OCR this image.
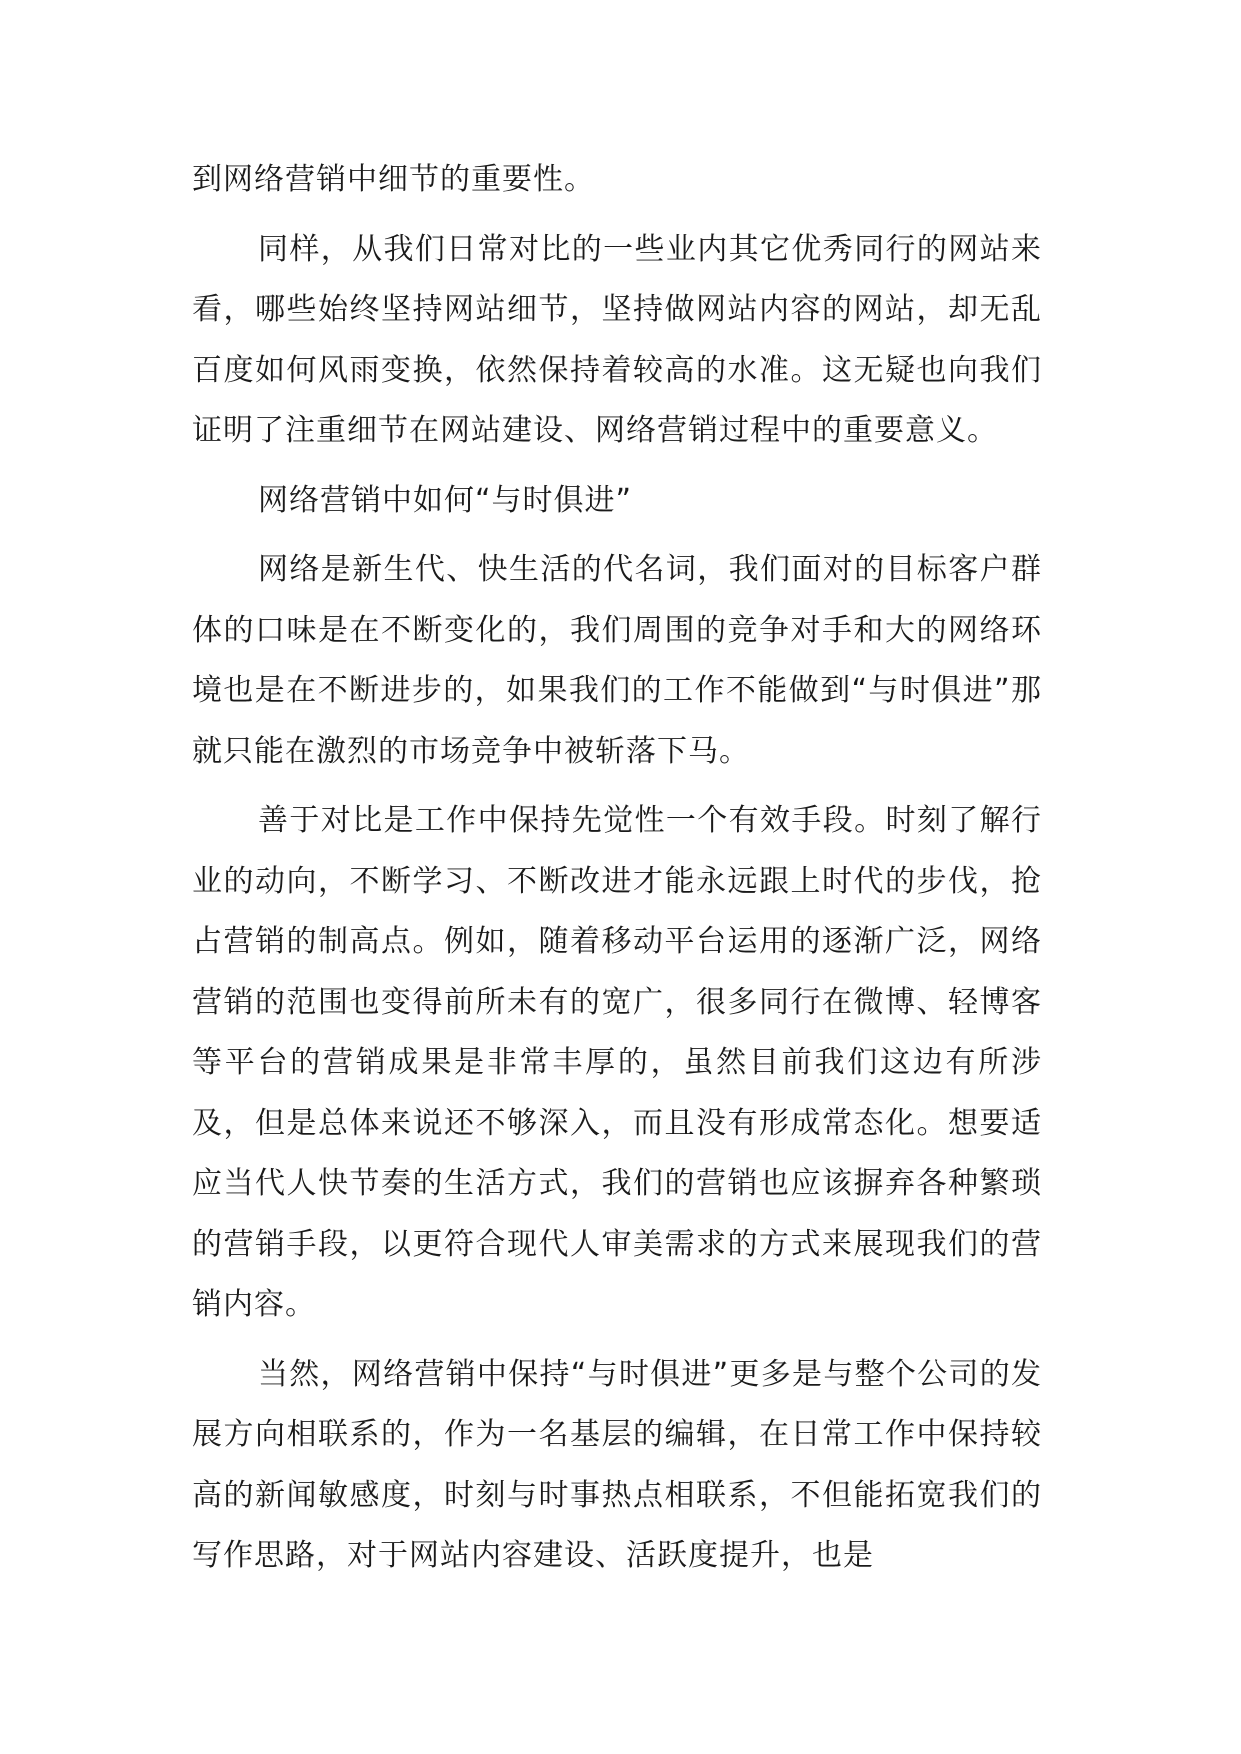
到网络营销中细节的重要性。

同样，从我们日常对比的一些业内其它优秀同行的网站来看，哪些始终坚持网站细节，坚持做网站内容的网站，却无乱百度如何风雨变换，依然保持着较高的水准。这无疑也向我们证明了注重细节在网站建设、网络营销过程中的重要意义。

网络营销中如何“与时俱进”

网络是新生代、快生活的代名词，我们面对的目标客户群体的口味是在不断变化的，我们周围的竞争对手和大的网络环境也是在不断进步的，如果我们的工作不能做到“与时俱进”那就只能在激烈的市场竞争中被斩落下马。

善于对比是工作中保持先觉性一个有效手段。时刻了解行业的动向，不断学习、不断改进才能永远跟上时代的步伐，抢占营销的制高点。例如，随着移动平台运用的逐渐广泛，网络营销的范围也变得前所未有的宽广，很多同行在微博、轻博客等平台的营销成果是非常丰厚的，虽然目前我们这边有所涉及，但是总体来说还不够深入，而且没有形成常态化。想要适应当代人快节奏的生活方式，我们的营销也应该摒弃各种繁琐的营销手段，以更符合现代人审美需求的方式来展现我们的营销内容。

当然，网络营销中保持“与时俱进”更多是与整个公司的发展方向相联系的，作为一名基层的编辑，在日常工作中保持较高的新闻敏感度，时刻与时事热点相联系，不但能拓宽我们的写作思路，对于网站内容建设、活跃度提升，也是
